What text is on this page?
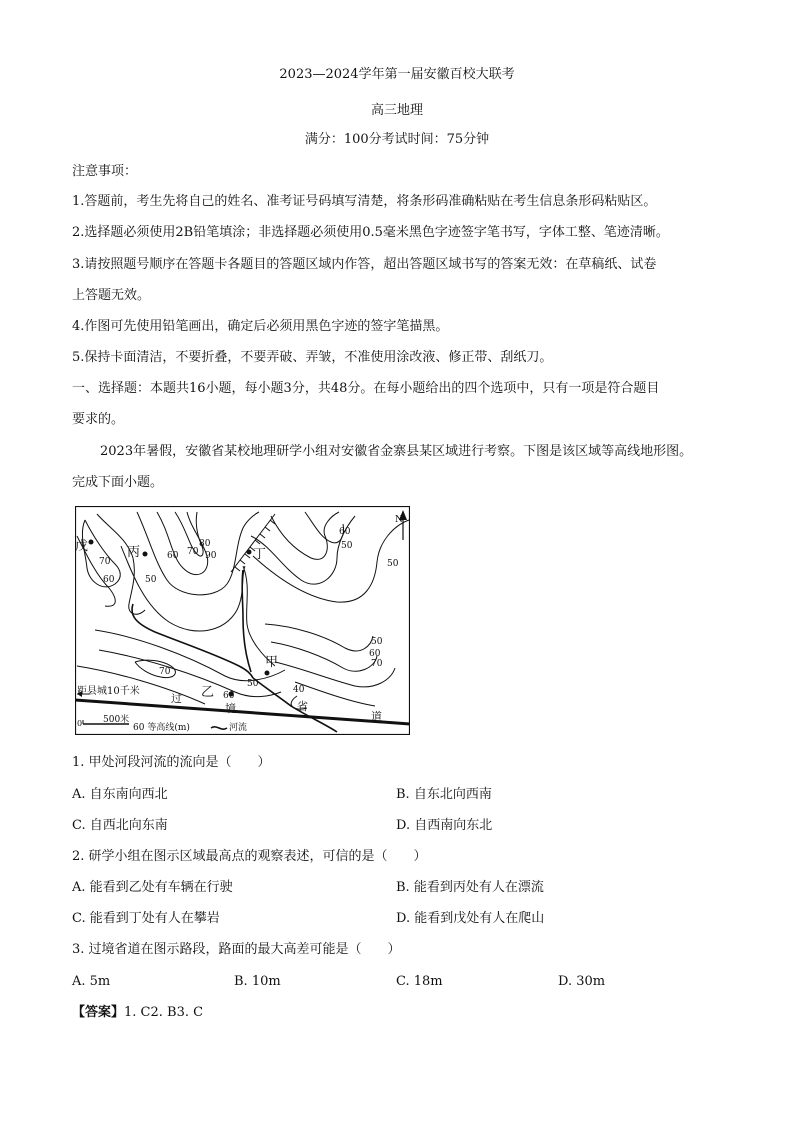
2023—2024学年第一届安徽百校大联考
高三地理
满分：100分考试时间：75分钟
注意事项：
1.答题前，考生先将自己的姓名、准考证号码填写清楚，将条形码准确粘贴在考生信息条形码粘贴区。
2.选择题必须使用2B铅笔填涂；非选择题必须使用0.5毫米黑色字迹签字笔书写，字体工整、笔迹清晰。
3.请按照题号顺序在答题卡各题目的答题区域内作答，超出答题区域书写的答案无效：在草稿纸、试卷
上答题无效。
4.作图可先使用铅笔画出，确定后必须用黑色字迹的签字笔描黑。
5.保持卡面清洁，不要折叠，不要弄破、弄皱，不准使用涂改液、修正带、刮纸刀。
一、选择题：本题共16小题，每小题3分，共48分。在每小题给出的四个选项中，只有一项是符合题目
要求的。
2023年暑假，安徽省某校地理研学小组对安徽省金寨县某区域进行考察。下图是该区域等高线地形图。
完成下面小题。
戊	丙	丁
甲
乙
N
70
60	50
80
70
60	90
60
50
50
50
60
70
70
60
50
40
距县城10千米
过
境	省
道
0 500米
60 等高线(m)	河流
1. 甲处河段河流的流向是（　　）
A. 自东南向西北	B. 自东北向西南
C. 自西北向东南	D. 自西南向东北
2. 研学小组在图示区域最高点的观察表述，可信的是（　　）
A. 能看到乙处有车辆在行驶	B. 能看到丙处有人在漂流
C. 能看到丁处有人在攀岩	D. 能看到戊处有人在爬山
3. 过境省道在图示路段，路面的最大高差可能是（　　）
A. 5m	B. 10m	C. 18m	D. 30m
【答案】1. C2. B3. C
